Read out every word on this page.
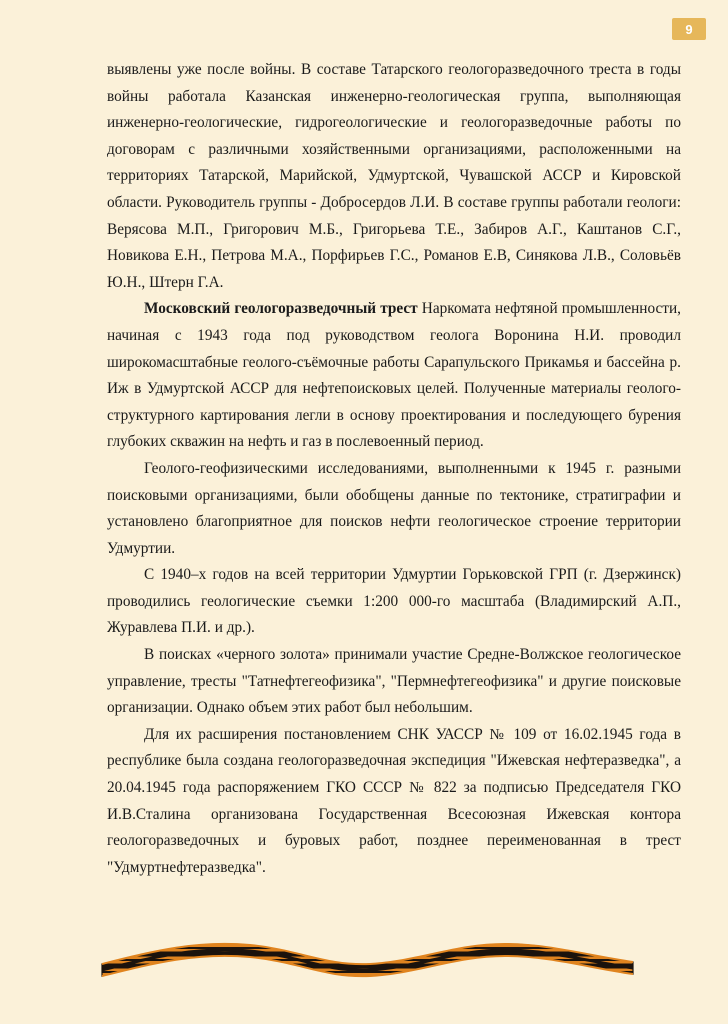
9

выявлены уже после войны. В составе Татарского геологоразведочного треста в годы войны работала Казанская инженерно-геологическая группа, выполняющая инженерно-геологические, гидрогеологические и геологоразведочные работы по договорам с различными хозяйственными организациями, расположенными на территориях Татарской, Марийской, Удмуртской, Чувашской АССР и Кировской области. Руководитель группы - Добросердов Л.И. В составе группы работали геологи: Верясова М.П., Григорович М.Б., Григорьева Т.Е., Забиров А.Г., Каштанов С.Г., Новикова Е.Н., Петрова М.А., Порфирьев Г.С., Романов Е.В, Синякова Л.В., Соловьёв Ю.Н., Штерн Г.А.

Московский геологоразведочный трест Наркомата нефтяной промышленности, начиная с 1943 года под руководством геолога Воронина Н.И. проводил широкомасштабные геолого-съёмочные работы Сарапульского Прикамья и бассейна р. Иж в Удмуртской АССР для нефтепоисковых целей. Полученные материалы геолого-структурного картирования легли в основу проектирования и последующего бурения глубоких скважин на нефть и газ в послевоенный период.

Геолого-геофизическими исследованиями, выполненными к 1945 г. разными поисковыми организациями, были обобщены данные по тектонике, стратиграфии и установлено благоприятное для поисков нефти геологическое строение территории Удмуртии.

С 1940–х годов на всей территории Удмуртии Горьковской ГРП (г. Дзержинск) проводились геологические съемки 1:200 000-го масштаба (Владимирский А.П., Журавлева П.И. и др.).

В поисках «черного золота» принимали участие Средне-Волжское геологическое управление, тресты "Татнефтегеофизика", "Пермнефтегеофизика" и другие поисковые организации. Однако объем этих работ был небольшим.

Для их расширения постановлением СНК УАССР № 109 от 16.02.1945 года в республике была создана геологоразведочная экспедиция "Ижевская нефтеразведка", а 20.04.1945 года распоряжением ГКО СССР № 822 за подписью Председателя ГКО И.В.Сталина организована Государственная Всесоюзная Ижевская контора геологоразведочных и буровых работ, позднее переименованная в трест "Удмуртнефтеразведка".
